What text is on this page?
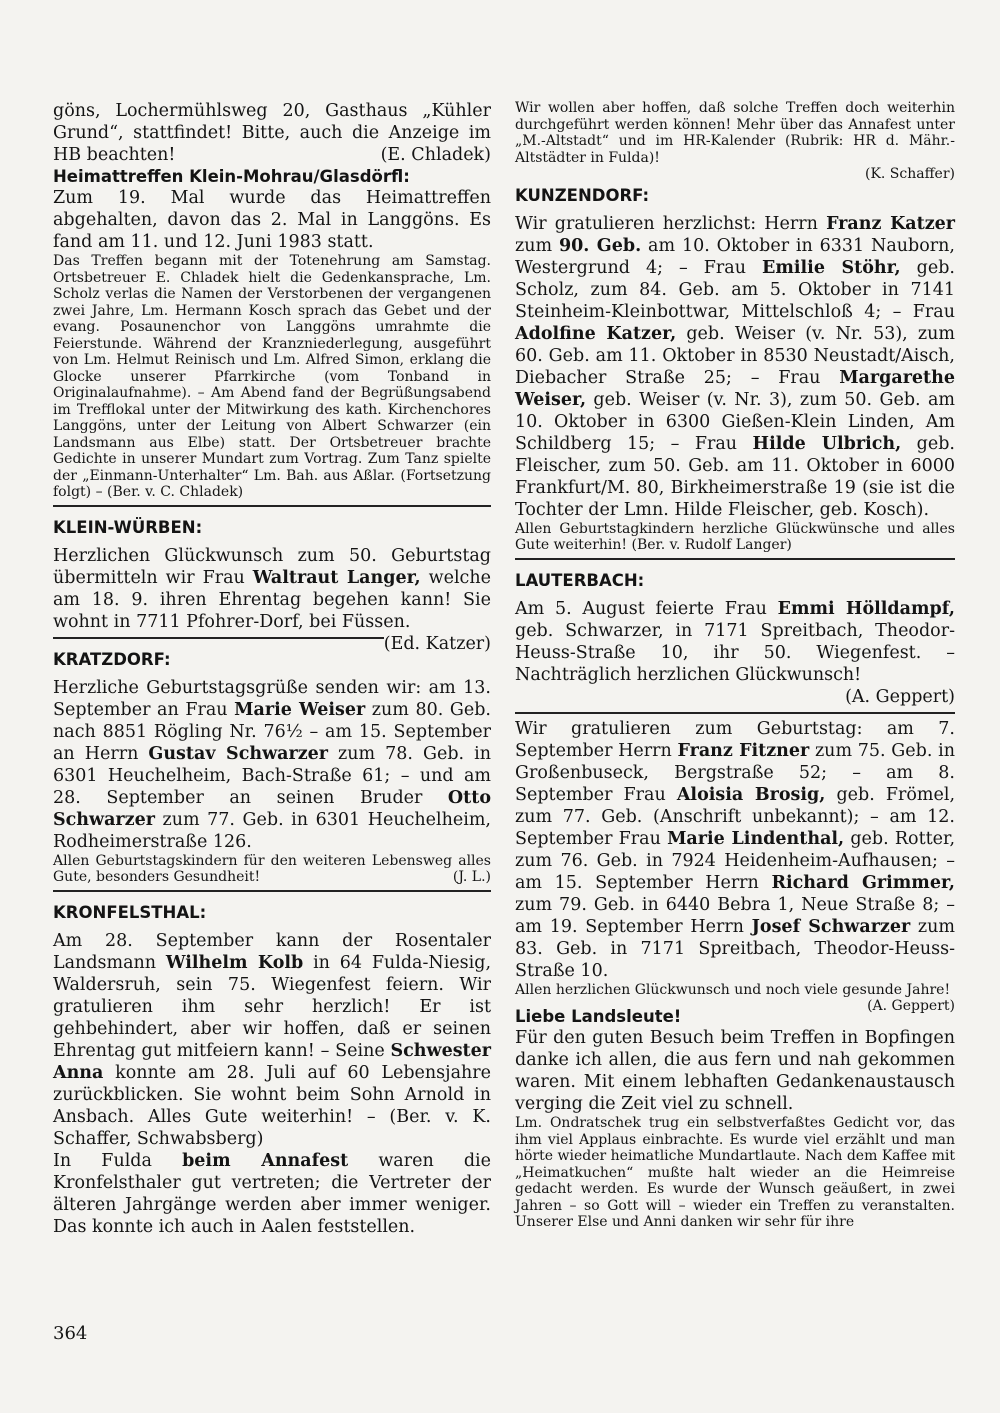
göns, Lochermühlsweg 20, Gasthaus „Kühler Grund“, stattfindet! Bitte, auch die Anzeige im HB beachten!	(E. Chladek)

Heimattreffen Klein-Mohrau/Glasdörfl:

Zum 19. Mal wurde das Heimattreffen abgehalten, davon das 2. Mal in Langgöns. Es fand am 11. und 12. Juni 1983 statt.

Das Treffen begann mit der Totenehrung am Samstag. Ortsbetreuer E. Chladek hielt die Gedenkansprache, Lm. Scholz verlas die Namen der Verstorbenen der vergangenen zwei Jahre, Lm. Hermann Kosch sprach das Gebet und der evang. Posaunenchor von Langgöns umrahmte die Feierstunde. Während der Kranzniederlegung, ausgeführt von Lm. Helmut Reinisch und Lm. Alfred Simon, erklang die Glocke unserer Pfarrkirche (vom Tonband in Originalaufnahme). – Am Abend fand der Begrüßungsabend im Trefflokal unter der Mitwirkung des kath. Kirchenchores Langgöns, unter der Leitung von Albert Schwarzer (ein Landsmann aus Elbe) statt. Der Ortsbetreuer brachte Gedichte in unserer Mundart zum Vortrag. Zum Tanz spielte der „Einmann-Unterhalter“ Lm. Bah. aus Aßlar. (Fortsetzung folgt) – (Ber. v. C. Chladek)

KLEIN-WÜRBEN:

Herzlichen Glückwunsch zum 50. Geburtstag übermitteln wir Frau Waltraut Langer, welche am 18. 9. ihren Ehrentag begehen kann! Sie wohnt in 7711 Pfohrer-Dorf, bei Füssen.
(Ed. Katzer)

KRATZDORF:

Herzliche Geburtstagsgrüße senden wir: am 13. September an Frau Marie Weiser zum 80. Geb. nach 8851 Rögling Nr. 76½ – am 15. September an Herrn Gustav Schwarzer zum 78. Geb. in 6301 Heuchelheim, Bach-Straße 61; – und am 28. September an seinen Bruder Otto Schwarzer zum 77. Geb. in 6301 Heuchelheim, Rodheimerstraße 126.

Allen Geburtstagskindern für den weiteren Lebensweg alles Gute, besonders Gesundheit!	(J. L.)

KRONFELSTHAL:

Am 28. September kann der Rosentaler Landsmann Wilhelm Kolb in 64 Fulda-Niesig, Waldersruh, sein 75. Wiegenfest feiern. Wir gratulieren ihm sehr herzlich! Er ist gehbehindert, aber wir hoffen, daß er seinen Ehrentag gut mitfeiern kann! – Seine Schwester Anna konnte am 28. Juli auf 60 Lebensjahre zurückblicken. Sie wohnt beim Sohn Arnold in Ansbach. Alles Gute weiterhin! – (Ber. v. K. Schaffer, Schwabsberg)

In Fulda beim Annafest waren die Kronfelsthaler gut vertreten; die Vertreter der älteren Jahrgänge werden aber immer weniger. Das konnte ich auch in Aalen feststellen.

Wir wollen aber hoffen, daß solche Treffen doch weiterhin durchgeführt werden können! Mehr über das Annafest unter „M.-Altstadt“ und im HR-Kalender (Rubrik: HR d. Mähr.-Altstädter in Fulda)!

(K. Schaffer)
KUNZENDORF:

Wir gratulieren herzlichst: Herrn Franz Katzer zum 90. Geb. am 10. Oktober in 6331 Nauborn, Westergrund 4; – Frau Emilie Stöhr, geb. Scholz, zum 84. Geb. am 5. Oktober in 7141 Steinheim-Kleinbottwar, Mittelschloß 4; – Frau Adolfine Katzer, geb. Weiser (v. Nr. 53), zum 60. Geb. am 11. Oktober in 8530 Neustadt/Aisch, Diebacher Straße 25; – Frau Margarethe Weiser, geb. Weiser (v. Nr. 3), zum 50. Geb. am 10. Oktober in 6300 Gießen-Klein Linden, Am Schildberg 15; – Frau Hilde Ulbrich, geb. Fleischer, zum 50. Geb. am 11. Oktober in 6000 Frankfurt/M. 80, Birkheimerstraße 19 (sie ist die Tochter der Lmn. Hilde Fleischer, geb. Kosch).

Allen Geburtstagkindern herzliche Glückwünsche und alles Gute weiterhin! (Ber. v. Rudolf Langer)

LAUTERBACH:

Am 5. August feierte Frau Emmi Hölldampf, geb. Schwarzer, in 7171 Spreitbach, Theodor-Heuss-Straße 10, ihr 50. Wiegenfest. – Nachträglich herzlichen Glückwunsch!

(A. Geppert)

Wir gratulieren zum Geburtstag: am 7. September Herrn Franz Fitzner zum 75. Geb. in Großenbuseck, Bergstraße 52; – am 8. September Frau Aloisia Brosig, geb. Frömel, zum 77. Geb. (Anschrift unbekannt); – am 12. September Frau Marie Lindenthal, geb. Rotter, zum 76. Geb. in 7924 Heidenheim-Aufhausen; – am 15. September Herrn Richard Grimmer, zum 79. Geb. in 6440 Bebra 1, Neue Straße 8; – am 19. September Herrn Josef Schwarzer zum 83. Geb. in 7171 Spreitbach, Theodor-Heuss-Straße 10.

Allen herzlichen Glückwunsch und noch viele gesunde Jahre!
(A. Geppert)

Liebe Landsleute!

Für den guten Besuch beim Treffen in Bopfingen danke ich allen, die aus fern und nah gekommen waren. Mit einem lebhaften Gedankenaustausch verging die Zeit viel zu schnell.

Lm. Ondratschek trug ein selbstverfaßtes Gedicht vor, das ihm viel Applaus einbrachte. Es wurde viel erzählt und man hörte wieder heimatliche Mundartlaute. Nach dem Kaffee mit „Heimatkuchen“ mußte halt wieder an die Heimreise gedacht werden. Es wurde der Wunsch geäußert, in zwei Jahren – so Gott will – wieder ein Treffen zu veranstalten. Unserer Else und Anni danken wir sehr für ihre

364
